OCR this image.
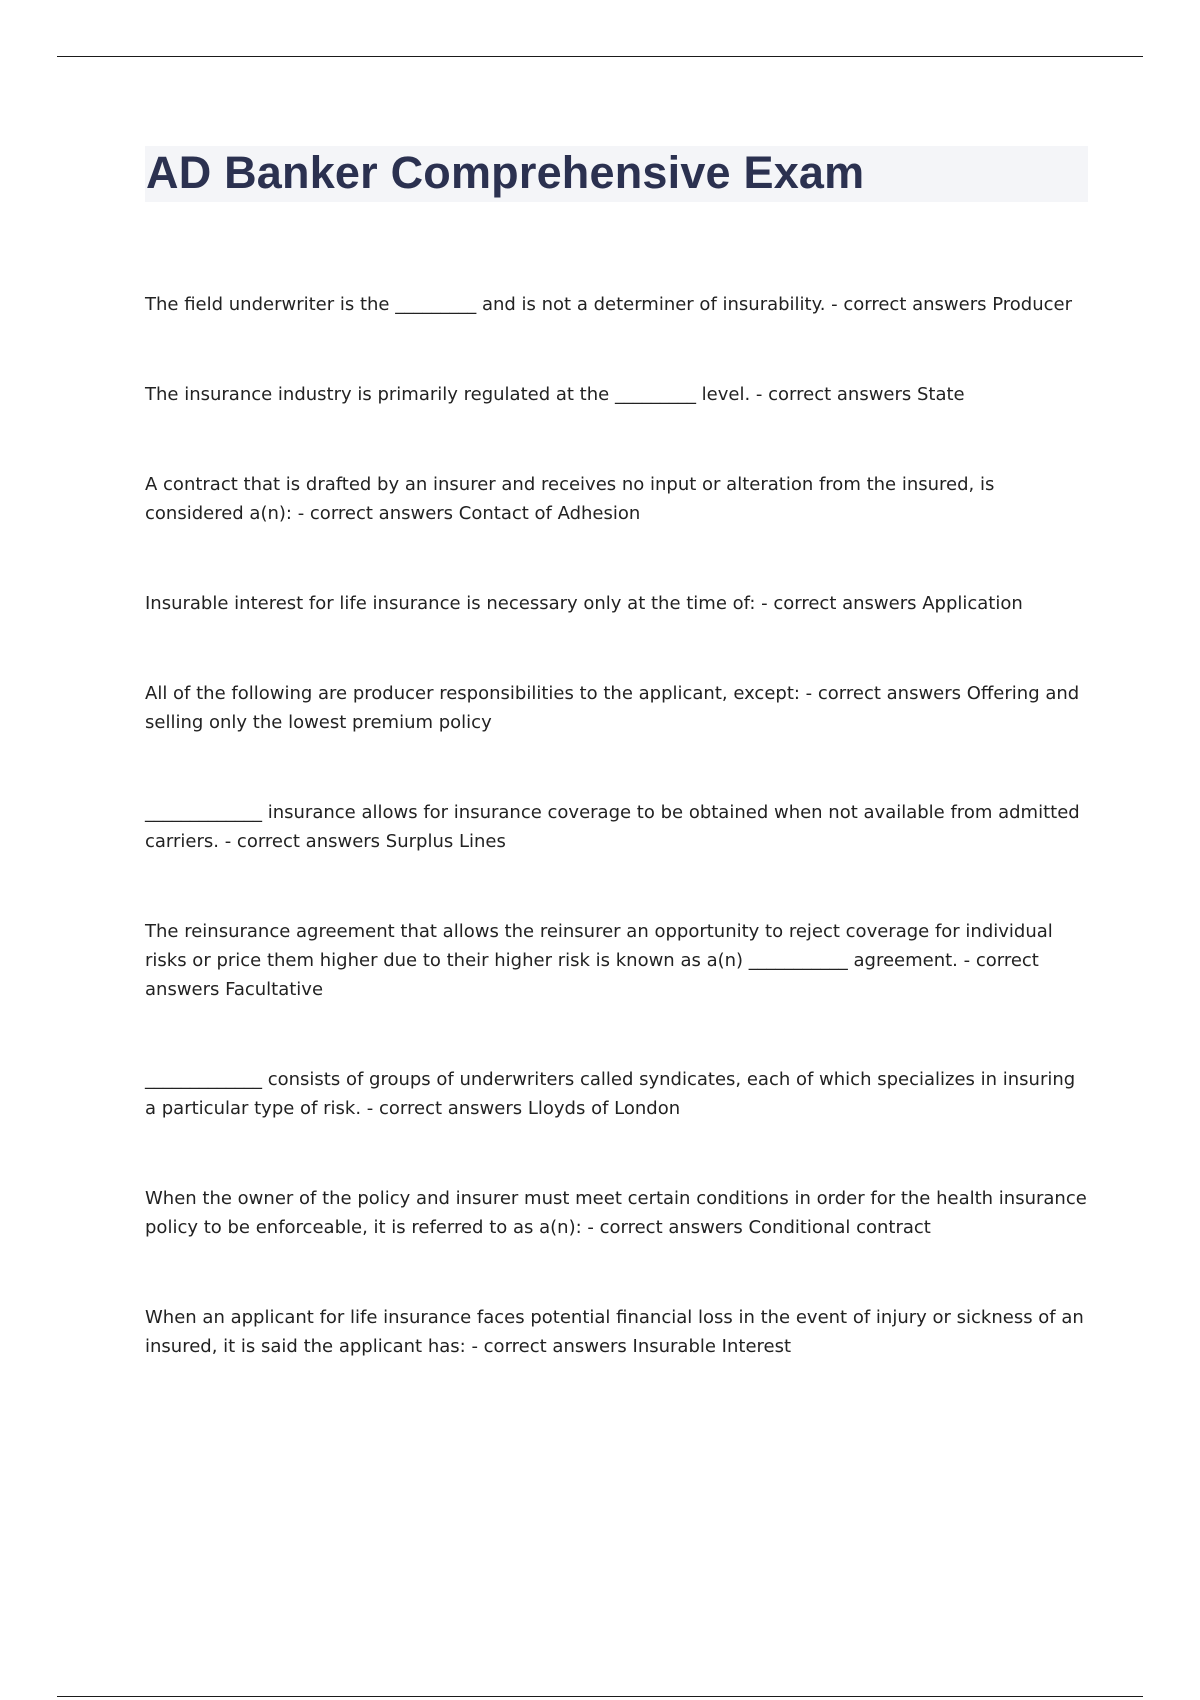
AD Banker Comprehensive Exam

The field underwriter is the _________ and is not a determiner of insurability. - correct answers Producer

The insurance industry is primarily regulated at the _________ level. - correct answers State

A contract that is drafted by an insurer and receives no input or alteration from the insured, is considered a(n): - correct answers Contact of Adhesion

Insurable interest for life insurance is necessary only at the time of: - correct answers Application

All of the following are producer responsibilities to the applicant, except: - correct answers Offering and selling only the lowest premium policy

_____________ insurance allows for insurance coverage to be obtained when not available from admitted carriers. - correct answers Surplus Lines

The reinsurance agreement that allows the reinsurer an opportunity to reject coverage for individual risks or price them higher due to their higher risk is known as a(n) ___________ agreement. - correct answers Facultative

_____________ consists of groups of underwriters called syndicates, each of which specializes in insuring a particular type of risk. - correct answers Lloyds of London

When the owner of the policy and insurer must meet certain conditions in order for the health insurance policy to be enforceable, it is referred to as a(n): - correct answers Conditional contract

When an applicant for life insurance faces potential financial loss in the event of injury or sickness of an insured, it is said the applicant has: - correct answers Insurable Interest
